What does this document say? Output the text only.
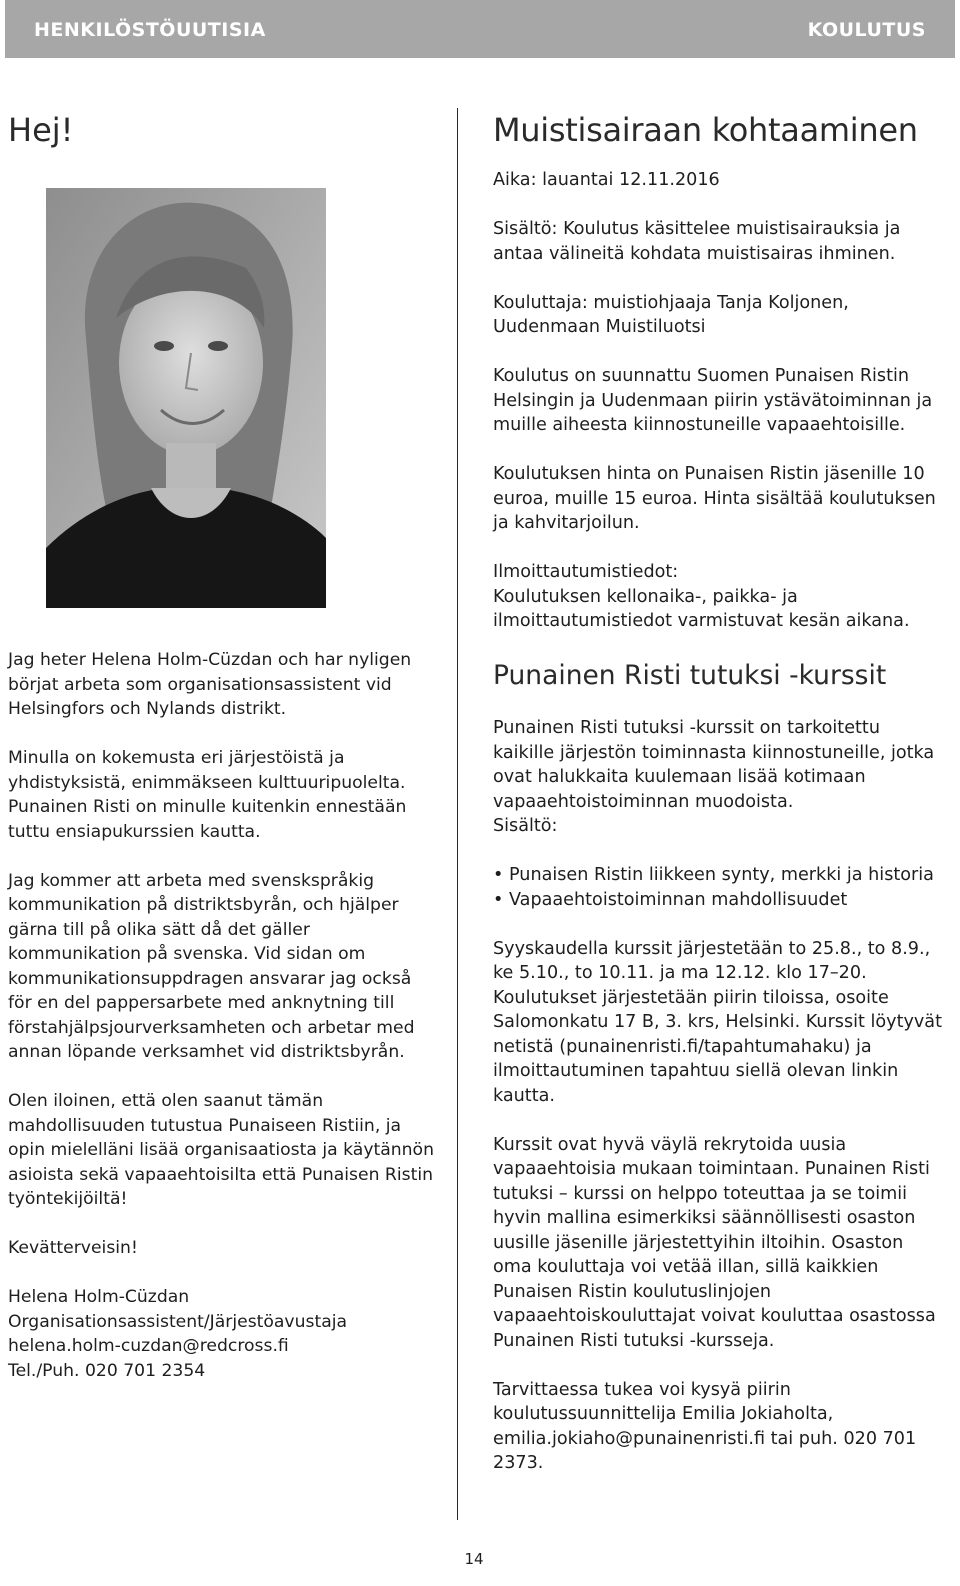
HENKILÖSTÖUUTISIA	KOULUTUS
Hej!

Jag heter Helena Holm-Cüzdan och har nyligen börjat arbeta som organisationsassistent vid Helsingfors och Nylands distrikt.

Minulla on kokemusta eri järjestöistä ja yhdistyksistä, enimmäkseen kulttuuripuolelta. Punainen Risti on minulle kuitenkin ennestään tuttu ensiapukurssien kautta.

Jag kommer att arbeta med svenskspråkig kommunikation på distriktsbyrån, och hjälper gärna till på olika sätt då det gäller kommunikation på svenska. Vid sidan om kommunikationsuppdragen ansvarar jag också för en del pappersarbete med anknytning till förstahjälpsjourverksamheten och arbetar med annan löpande verksamhet vid distriktsbyrån.

Olen iloinen, että olen saanut tämän mahdollisuuden tutustua Punaiseen Ristiin, ja opin mielelläni lisää organisaatiosta ja käytännön asioista sekä vapaaehtoisilta että Punaisen Ristin työntekijöiltä!

Kevätterveisin!

Helena Holm-Cüzdan
Organisationsassistent/Järjestöavustaja
helena.holm-cuzdan@redcross.fi
Tel./Puh. 020 701 2354

Muistisairaan kohtaaminen

Aika: lauantai 12.11.2016

Sisältö: Koulutus käsittelee muistisairauksia ja antaa välineitä kohdata muistisairas ihminen.

Kouluttaja: muistiohjaaja Tanja Koljonen,
Uudenmaan Muistiluotsi

Koulutus on suunnattu Suomen Punaisen Ristin Helsingin ja Uudenmaan piirin ystävätoiminnan ja muille aiheesta kiinnostuneille vapaaehtoisille.

Koulutuksen hinta on Punaisen Ristin jäsenille 10 euroa, muille 15 euroa. Hinta sisältää koulutuksen ja kahvitarjoilun.

Ilmoittautumistiedot:
Koulutuksen kellonaika-, paikka- ja ilmoittautumistiedot varmistuvat kesän aikana.

Punainen Risti tutuksi -kurssit

Punainen Risti tutuksi -kurssit on tarkoitettu kaikille järjestön toiminnasta kiinnostuneille, jotka ovat halukkaita kuulemaan lisää kotimaan vapaaehtoistoiminnan muodoista.
Sisältö:

• Punaisen Ristin liikkeen synty, merkki ja historia
• Vapaaehtoistoiminnan mahdollisuudet

Syyskaudella kurssit järjestetään to 25.8., to 8.9., ke 5.10., to 10.11. ja ma 12.12. klo 17–20. Koulutukset järjestetään piirin tiloissa, osoite Salomonkatu 17 B, 3. krs, Helsinki. Kurssit löytyvät netistä (punainenristi.fi/tapahtumahaku) ja ilmoittautuminen tapahtuu siellä olevan linkin kautta.

Kurssit ovat hyvä väylä rekrytoida uusia vapaaehtoisia mukaan toimintaan. Punainen Risti tutuksi – kurssi on helppo toteuttaa ja se toimii hyvin mallina esimerkiksi säännöllisesti osaston uusille jäsenille järjestettyihin iltoihin. Osaston oma kouluttaja voi vetää illan, sillä kaikkien Punaisen Ristin koulutuslinjojen vapaaehtoiskouluttajat voivat kouluttaa osastossa Punainen Risti tutuksi -kursseja.

Tarvittaessa tukea voi kysyä piirin koulutussuunnittelija Emilia Jokiaholta, emilia.jokiaho@punainenristi.fi tai puh. 020 701 2373.

14
